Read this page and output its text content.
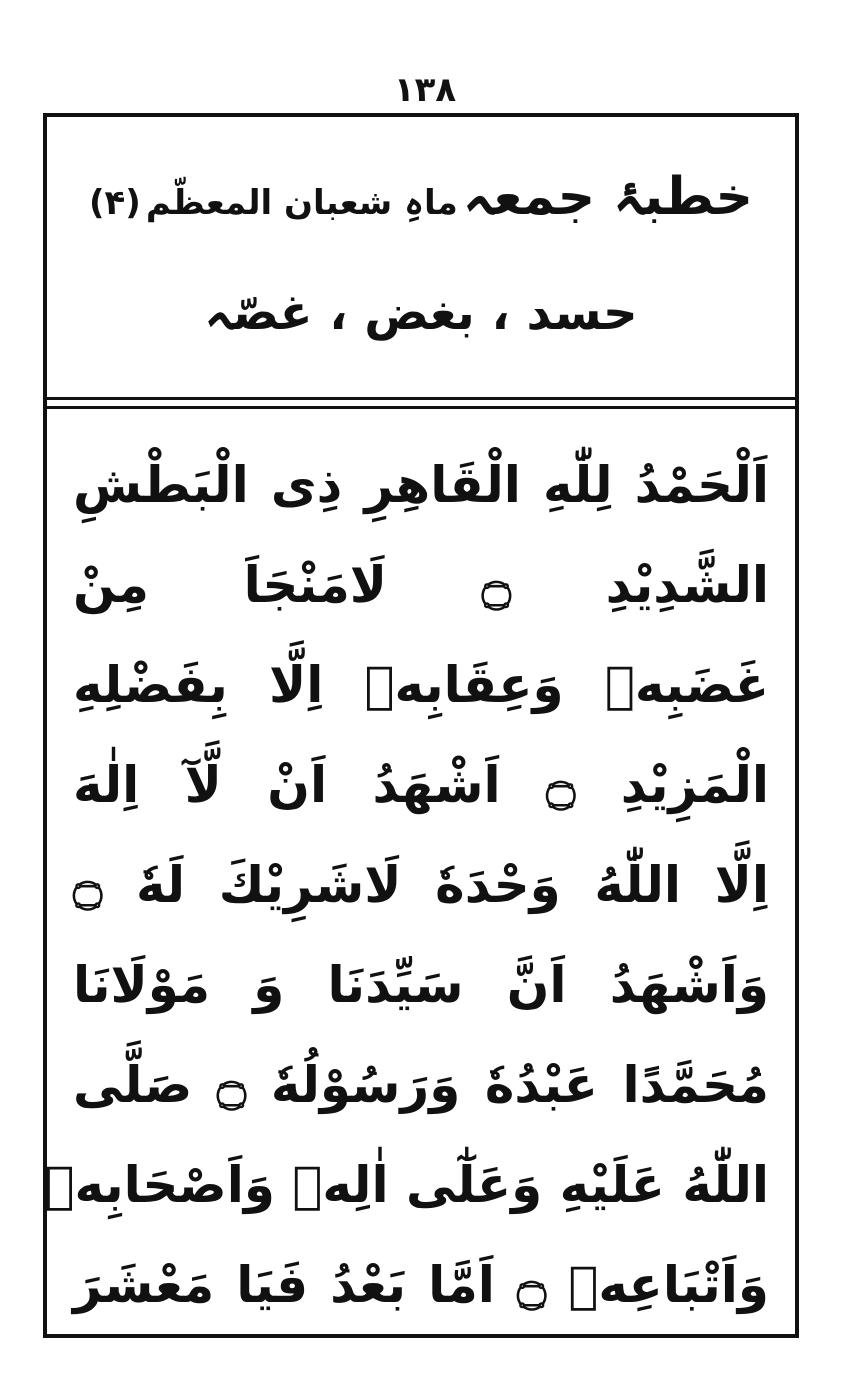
١٣٨
خطبۂ جمعہ ماہِ شعبان المعظّم (۴)
حسد ، بغض ، غصّہ
اَلْحَمْدُ لِلّٰهِ الْقَاهِرِ ذِى الْبَطْشِ
الشَّدِيْدِ ۝ لَامَنْجَاَ مِنْ
غَضَبِهٖ وَعِقَابِهٖ اِلَّا بِفَضْلِهِ
الْمَزِيْدِ ۝ اَشْهَدُ اَنْ لَّآ اِلٰهَ
اِلَّا اللّٰهُ وَحْدَهٗ لَاشَرِيْكَ لَهٗ ۝
وَاَشْهَدُ اَنَّ سَيِّدَنَا وَ مَوْلَانَا
مُحَمَّدًا عَبْدُهٗ وَرَسُوْلُهٗ ۝ صَلَّى
اللّٰهُ عَلَيْهِ وَعَلٰٓى اٰلِهٖ وَاَصْحَابِهٖ
وَاَتْبَاعِهٖ ۝ اَمَّا بَعْدُ فَيَا مَعْشَرَ
